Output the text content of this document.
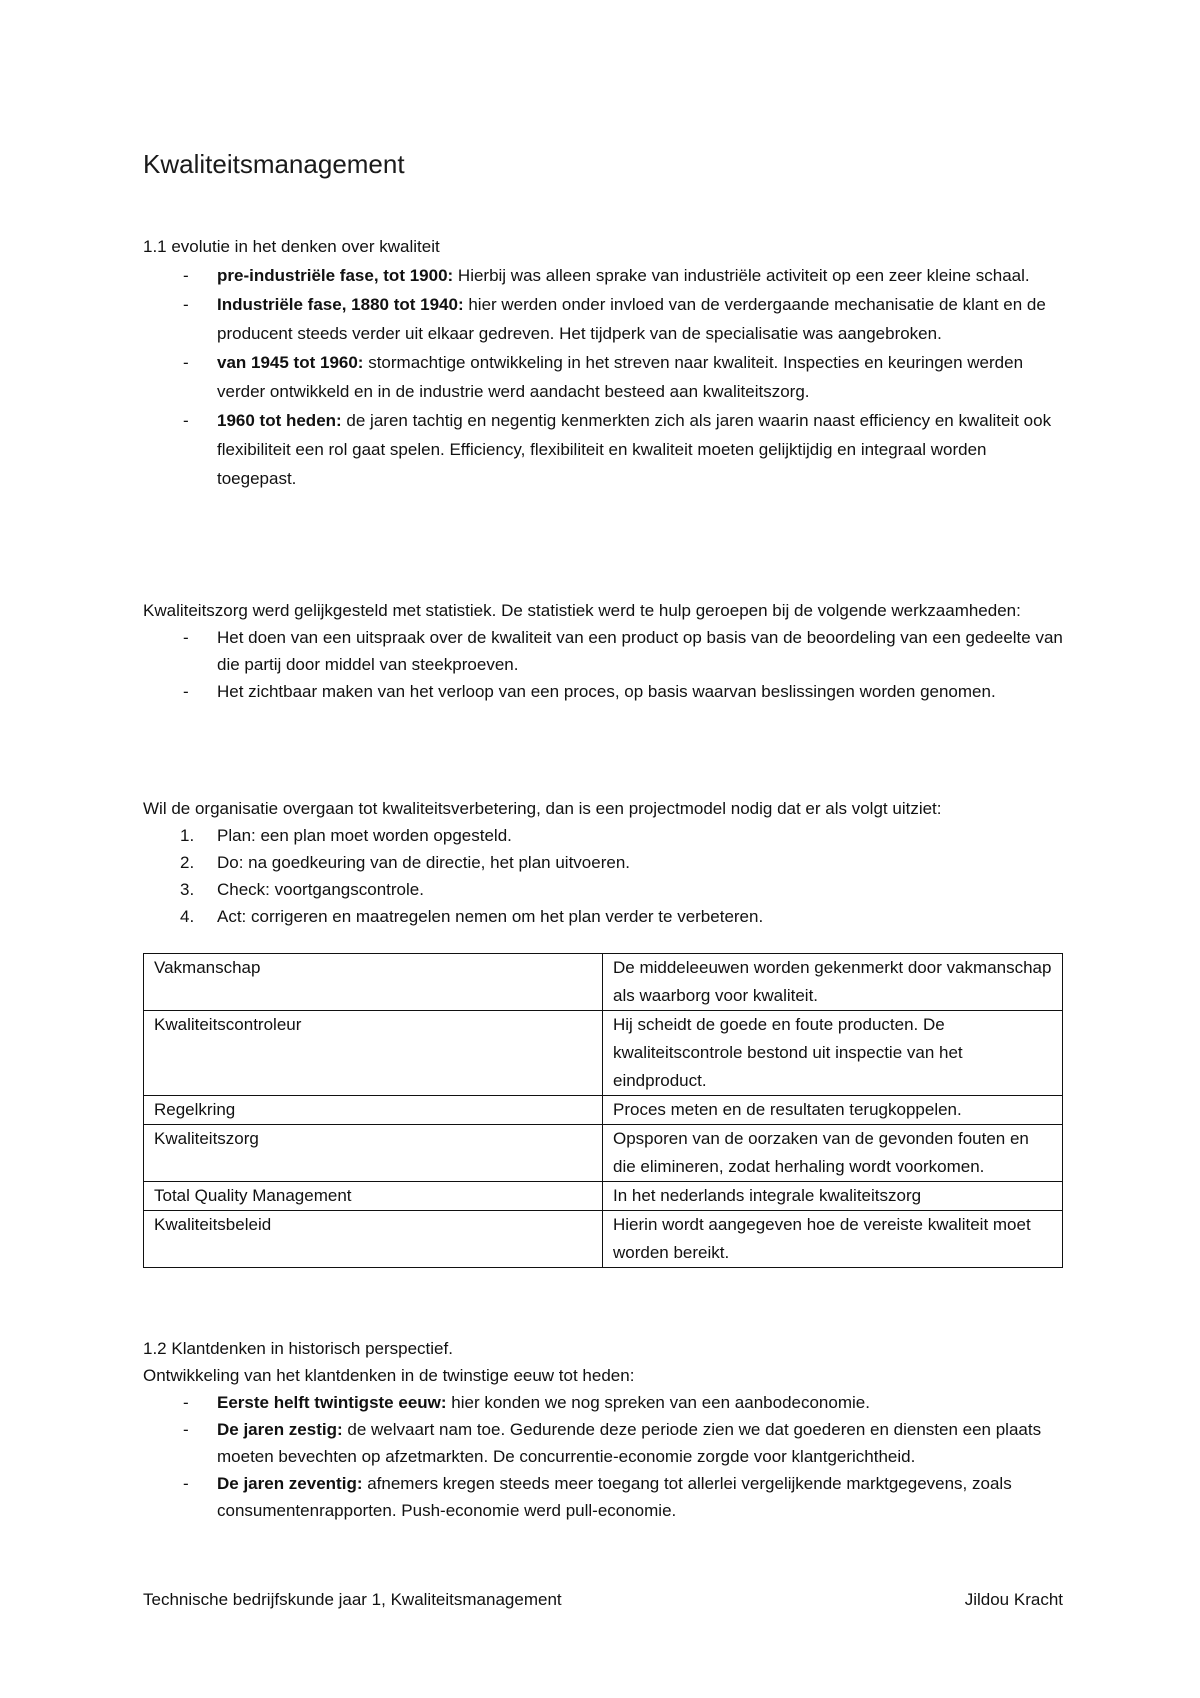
Kwaliteitsmanagement

1.1 evolutie in het denken over kwaliteit

- pre-industriële fase, tot 1900: Hierbij was alleen sprake van industriële activiteit op een zeer kleine schaal.
- Industriële fase, 1880 tot 1940: hier werden onder invloed van de verdergaande mechanisatie de klant en de producent steeds verder uit elkaar gedreven. Het tijdperk van de specialisatie was aangebroken.
- van 1945 tot 1960: stormachtige ontwikkeling in het streven naar kwaliteit. Inspecties en keuringen werden verder ontwikkeld en in de industrie werd aandacht besteed aan kwaliteitszorg.
- 1960 tot heden: de jaren tachtig en negentig kenmerkten zich als jaren waarin naast efficiency en kwaliteit ook flexibiliteit een rol gaat spelen. Efficiency, flexibiliteit en kwaliteit moeten gelijktijdig en integraal worden toegepast.

Kwaliteitszorg werd gelijkgesteld met statistiek. De statistiek werd te hulp geroepen bij de volgende werkzaamheden:

- Het doen van een uitspraak over de kwaliteit van een product op basis van de beoordeling van een gedeelte van die partij door middel van steekproeven.
- Het zichtbaar maken van het verloop van een proces, op basis waarvan beslissingen worden genomen.

Wil de organisatie overgaan tot kwaliteitsverbetering, dan is een projectmodel nodig dat er als volgt uitziet:

1. Plan: een plan moet worden opgesteld.
2. Do: na goedkeuring van de directie, het plan uitvoeren.
3. Check: voortgangscontrole.
4. Act: corrigeren en maatregelen nemen om het plan verder te verbeteren.
Vakmanschap	De middeleeuwen worden gekenmerkt door vakmanschap als waarborg voor kwaliteit.
Kwaliteitscontroleur	Hij scheidt de goede en foute producten. De kwaliteitscontrole bestond uit inspectie van het eindproduct.
Regelkring	Proces meten en de resultaten terugkoppelen.
Kwaliteitszorg	Opsporen van de oorzaken van de gevonden fouten en die elimineren, zodat herhaling wordt voorkomen.
Total Quality Management	In het nederlands integrale kwaliteitszorg
Kwaliteitsbeleid	Hierin wordt aangegeven hoe de vereiste kwaliteit moet worden bereikt.

1.2 Klantdenken in historisch perspectief.

Ontwikkeling van het klantdenken in de twinstige eeuw tot heden:

- Eerste helft twintigste eeuw: hier konden we nog spreken van een aanbodeconomie.
- De jaren zestig: de welvaart nam toe. Gedurende deze periode zien we dat goederen en diensten een plaats moeten bevechten op afzetmarkten. De concurrentie-economie zorgde voor klantgerichtheid.
- De jaren zeventig: afnemers kregen steeds meer toegang tot allerlei vergelijkende marktgegevens, zoals consumentenrapporten. Push-economie werd pull-economie.
Technische bedrijfskunde jaar 1, Kwaliteitsmanagement	Jildou Kracht
